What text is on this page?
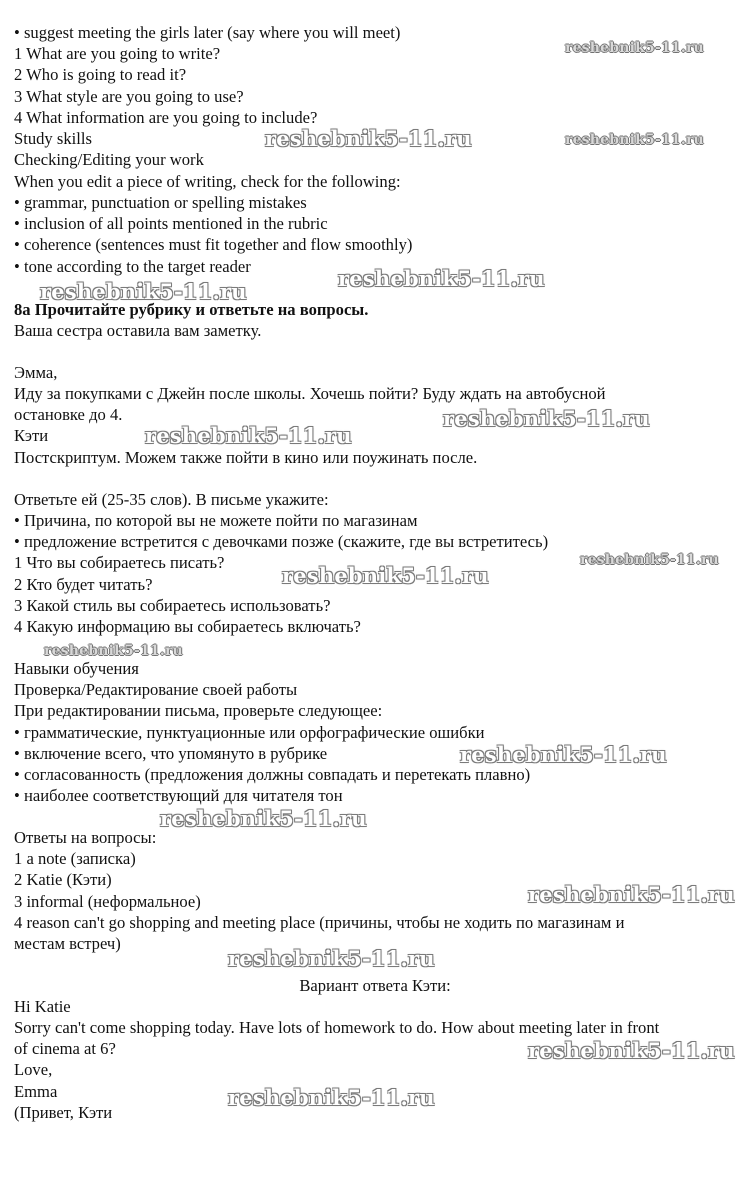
• suggest meeting the girls later (say where you will meet)
1 What are you going to write?
2 Who is going to read it?
3 What style are you going to use?
4 What information are you going to include?
Study skills
Checking/Editing your work
When you edit a piece of writing, check for the following:
• grammar, punctuation or spelling mistakes
• inclusion of all points mentioned in the rubric
• coherence (sentences must fit together and flow smoothly)
• tone according to the target reader
8a Прочитайте рубрику и ответьте на вопросы.
Ваша сестра оставила вам заметку.
Эмма,
Иду за покупками с Джейн после школы. Хочешь пойти? Буду ждать на автобусной
остановке до 4.
Кэти
Постскриптум. Можем также пойти в кино или поужинать после.
Ответьте ей (25-35 слов). В письме укажите:
• Причина, по которой вы не можете пойти по магазинам
• предложение встретится с девочками позже (скажите, где вы встретитесь)
1 Что вы собираетесь писать?
2 Кто будет читать?
3 Какой стиль вы собираетесь использовать?
4 Какую информацию вы собираетесь включать?
Навыки обучения
Проверка/Редактирование своей работы
При редактировании письма, проверьте следующее:
• грамматические, пунктуационные или орфографические ошибки
• включение всего, что упомянуто в рубрике
• согласованность (предложения должны совпадать и перетекать плавно)
• наиболее соответствующий для читателя тон
Ответы на вопросы:
1 a note (записка)
2 Katie (Кэти)
3 informal (неформальное)
4 reason can't go shopping and meeting place (причины, чтобы не ходить по магазинам и
местам встреч)
Вариант ответа Кэти:
Hi Katie
Sorry can't come shopping today. Have lots of homework to do. How about meeting later in front
of cinema at 6?
Love,
Emma
(Привет, Кэти
reshebnik5-11.ru
reshebnik5-11.ru	reshebnik5-11.ru
reshebnik5-11.ru
reshebnik5-11.ru
reshebnik5-11.ru
reshebnik5-11.ru
reshebnik5-11.ru
reshebnik5-11.ru
reshebnik5-11.ru
reshebnik5-11.ru
reshebnik5-11.ru
reshebnik5-11.ru
reshebnik5-11.ru
reshebnik5-11.ru
reshebnik5-11.ru
